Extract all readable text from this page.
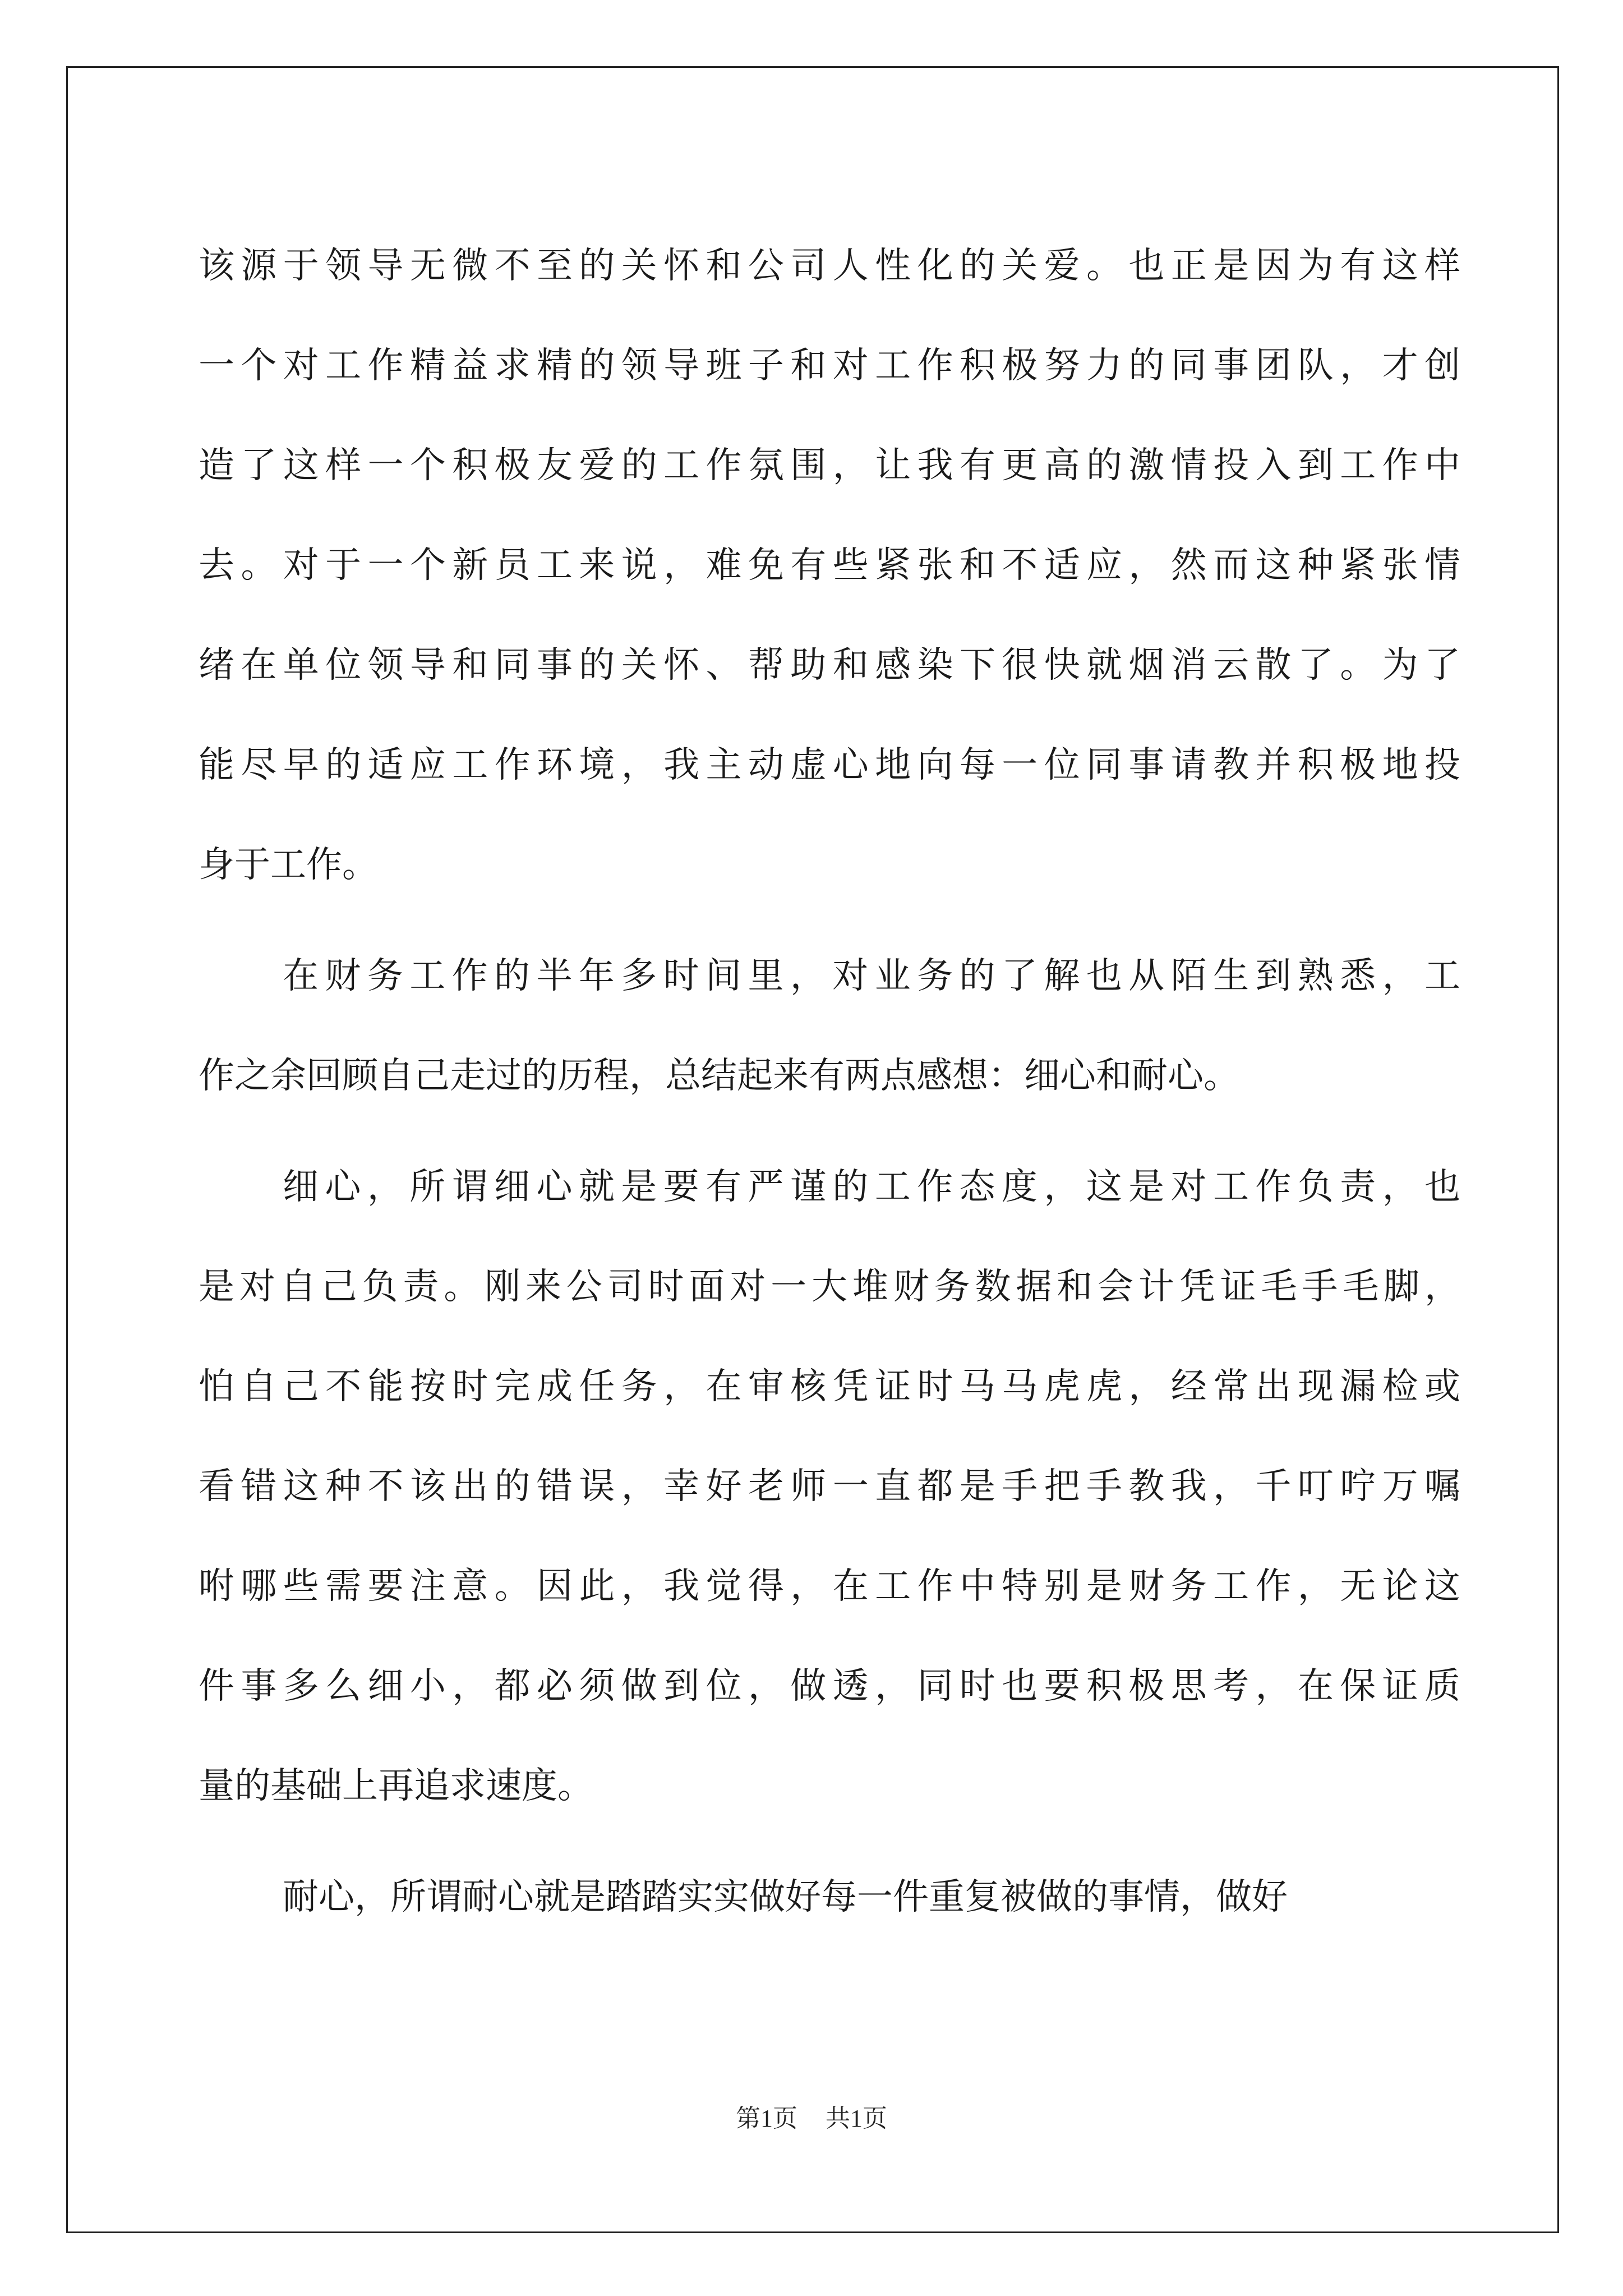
该源于领导无微不至的关怀和公司人性化的关爱。也正是因为有这样
一个对工作精益求精的领导班子和对工作积极努力的同事团队，才创
造了这样一个积极友爱的工作氛围，让我有更高的激情投入到工作中
去。对于一个新员工来说，难免有些紧张和不适应，然而这种紧张情
绪在单位领导和同事的关怀、帮助和感染下很快就烟消云散了。为了
能尽早的适应工作环境，我主动虚心地向每一位同事请教并积极地投
身于工作。
在财务工作的半年多时间里，对业务的了解也从陌生到熟悉，工
作之余回顾自己走过的历程，总结起来有两点感想：细心和耐心。
细心，所谓细心就是要有严谨的工作态度，这是对工作负责，也
是对自己负责。刚来公司时面对一大堆财务数据和会计凭证毛手毛脚，
怕自己不能按时完成任务，在审核凭证时马马虎虎，经常出现漏检或
看错这种不该出的错误，幸好老师一直都是手把手教我，千叮咛万嘱
咐哪些需要注意。因此，我觉得，在工作中特别是财务工作，无论这
件事多么细小，都必须做到位，做透，同时也要积极思考，在保证质
量的基础上再追求速度。
耐心，所谓耐心就是踏踏实实做好每一件重复被做的事情，做好
第1页 共1页
